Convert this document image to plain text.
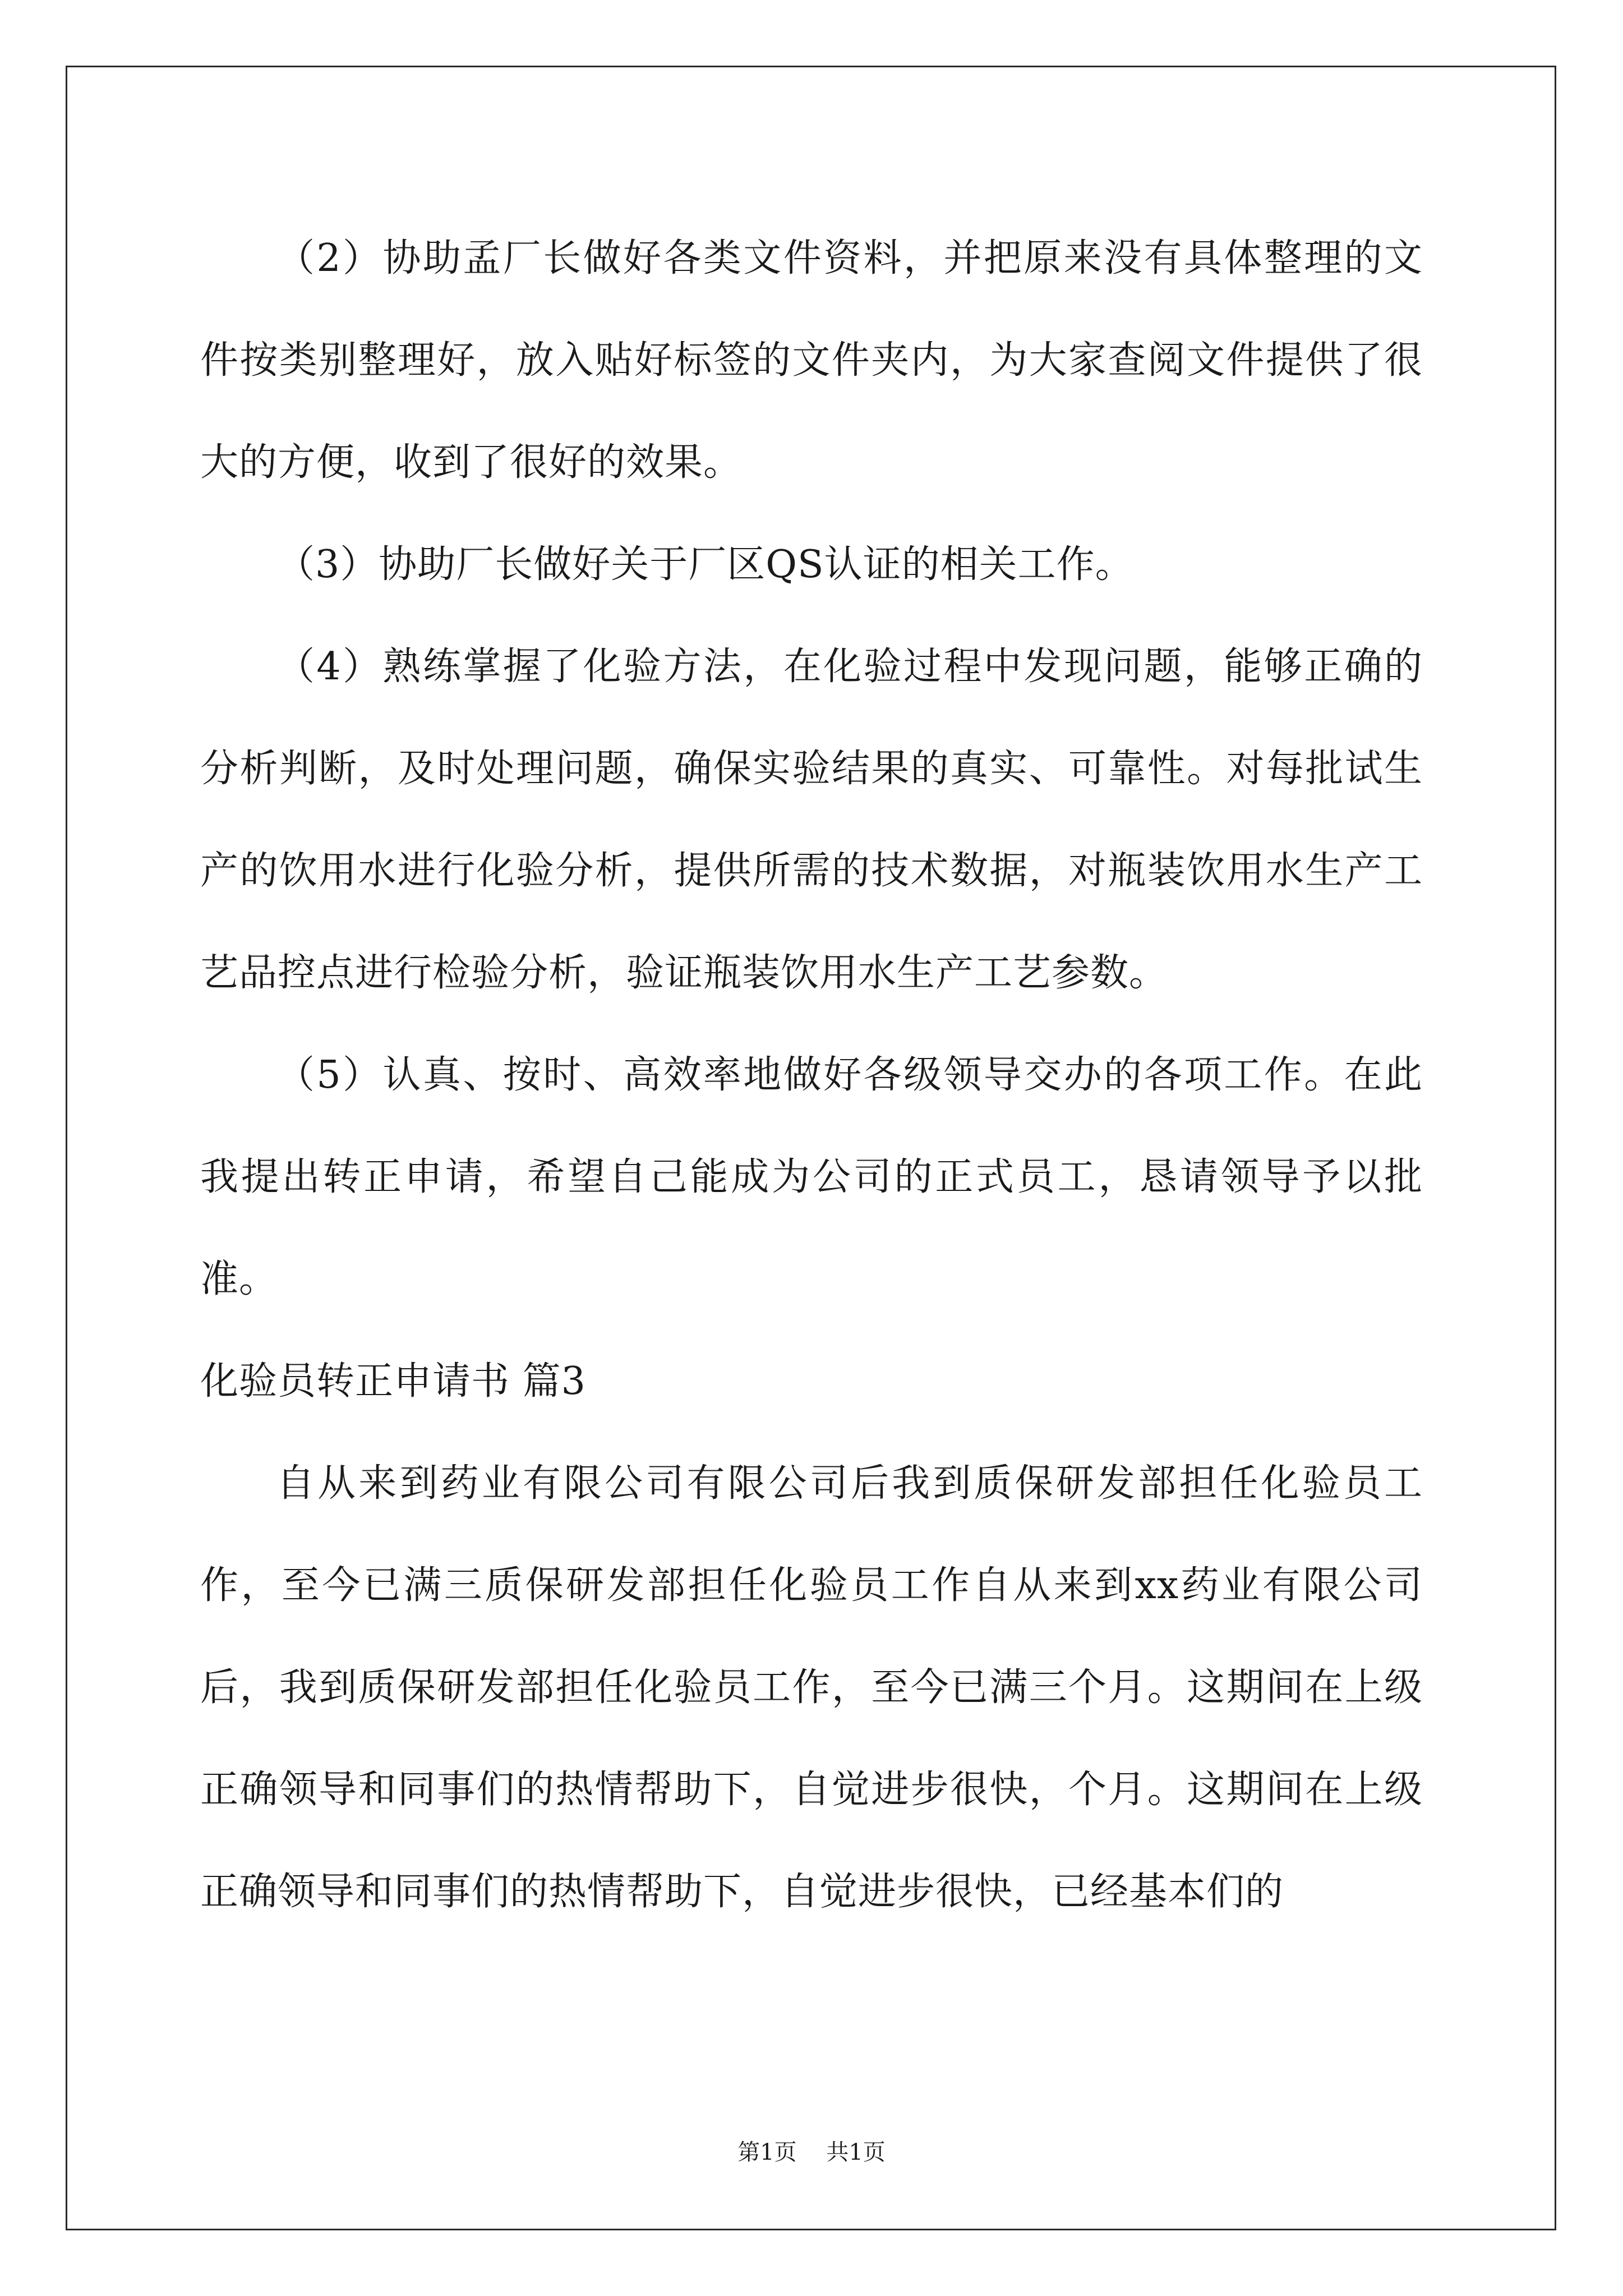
（2）协助孟厂长做好各类文件资料，并把原来没有具体整理的文件按类别整理好，放入贴好标签的文件夹内，为大家查阅文件提供了很大的方便，收到了很好的效果。

（3）协助厂长做好关于厂区QS认证的相关工作。

（4）熟练掌握了化验方法，在化验过程中发现问题，能够正确的分析判断，及时处理问题，确保实验结果的真实、可靠性。对每批试生产的饮用水进行化验分析，提供所需的技术数据，对瓶装饮用水生产工艺品控点进行检验分析，验证瓶装饮用水生产工艺参数。

（5）认真、按时、高效率地做好各级领导交办的各项工作。在此我提出转正申请，希望自己能成为公司的正式员工，恳请领导予以批准。

化验员转正申请书 篇3

自从来到药业有限公司有限公司后我到质保研发部担任化验员工作，至今已满三质保研发部担任化验员工作自从来到xx药业有限公司后，我到质保研发部担任化验员工作，至今已满三个月。这期间在上级正确领导和同事们的热情帮助下，自觉进步很快，个月。这期间在上级正确领导和同事们的热情帮助下，自觉进步很快，已经基本们的

第1页 共1页
